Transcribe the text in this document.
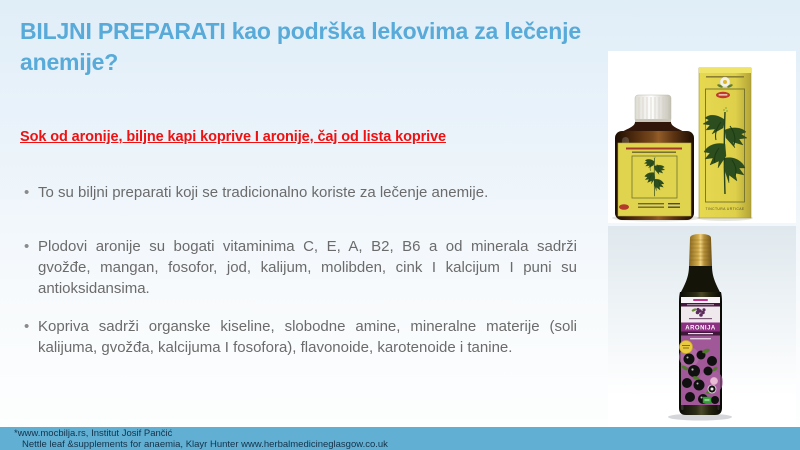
BILJNI PREPARATI kao podrška lekovima za lečenje anemije?
Sok od aronije, biljne kapi koprive I aronije, čaj od lista koprive
• To su biljni preparati koji se tradicionalno koriste za lečenje anemije.

• Plodovi aronije su bogati vitaminima C, E, A, B2, B6 a od minerala sadrži gvožđe, mangan, fosofor, jod, kalijum, molibden, cink I kalcijum I puni su antioksidansima.

• Kopriva sadrži organske kiseline, slobodne amine, mineralne materije (soli kalijuma, gvožđa, kalcijuma I fosofora), flavonoide, karotenoide i tanine.

TINCTURA URTICAE
ARONIJA
*www.mocbilja.rs, Institut Josif Pančić
Nettle leaf &supplements for anaemia, Klayr Hunter www.herbalmedicineglasgow.co.uk
